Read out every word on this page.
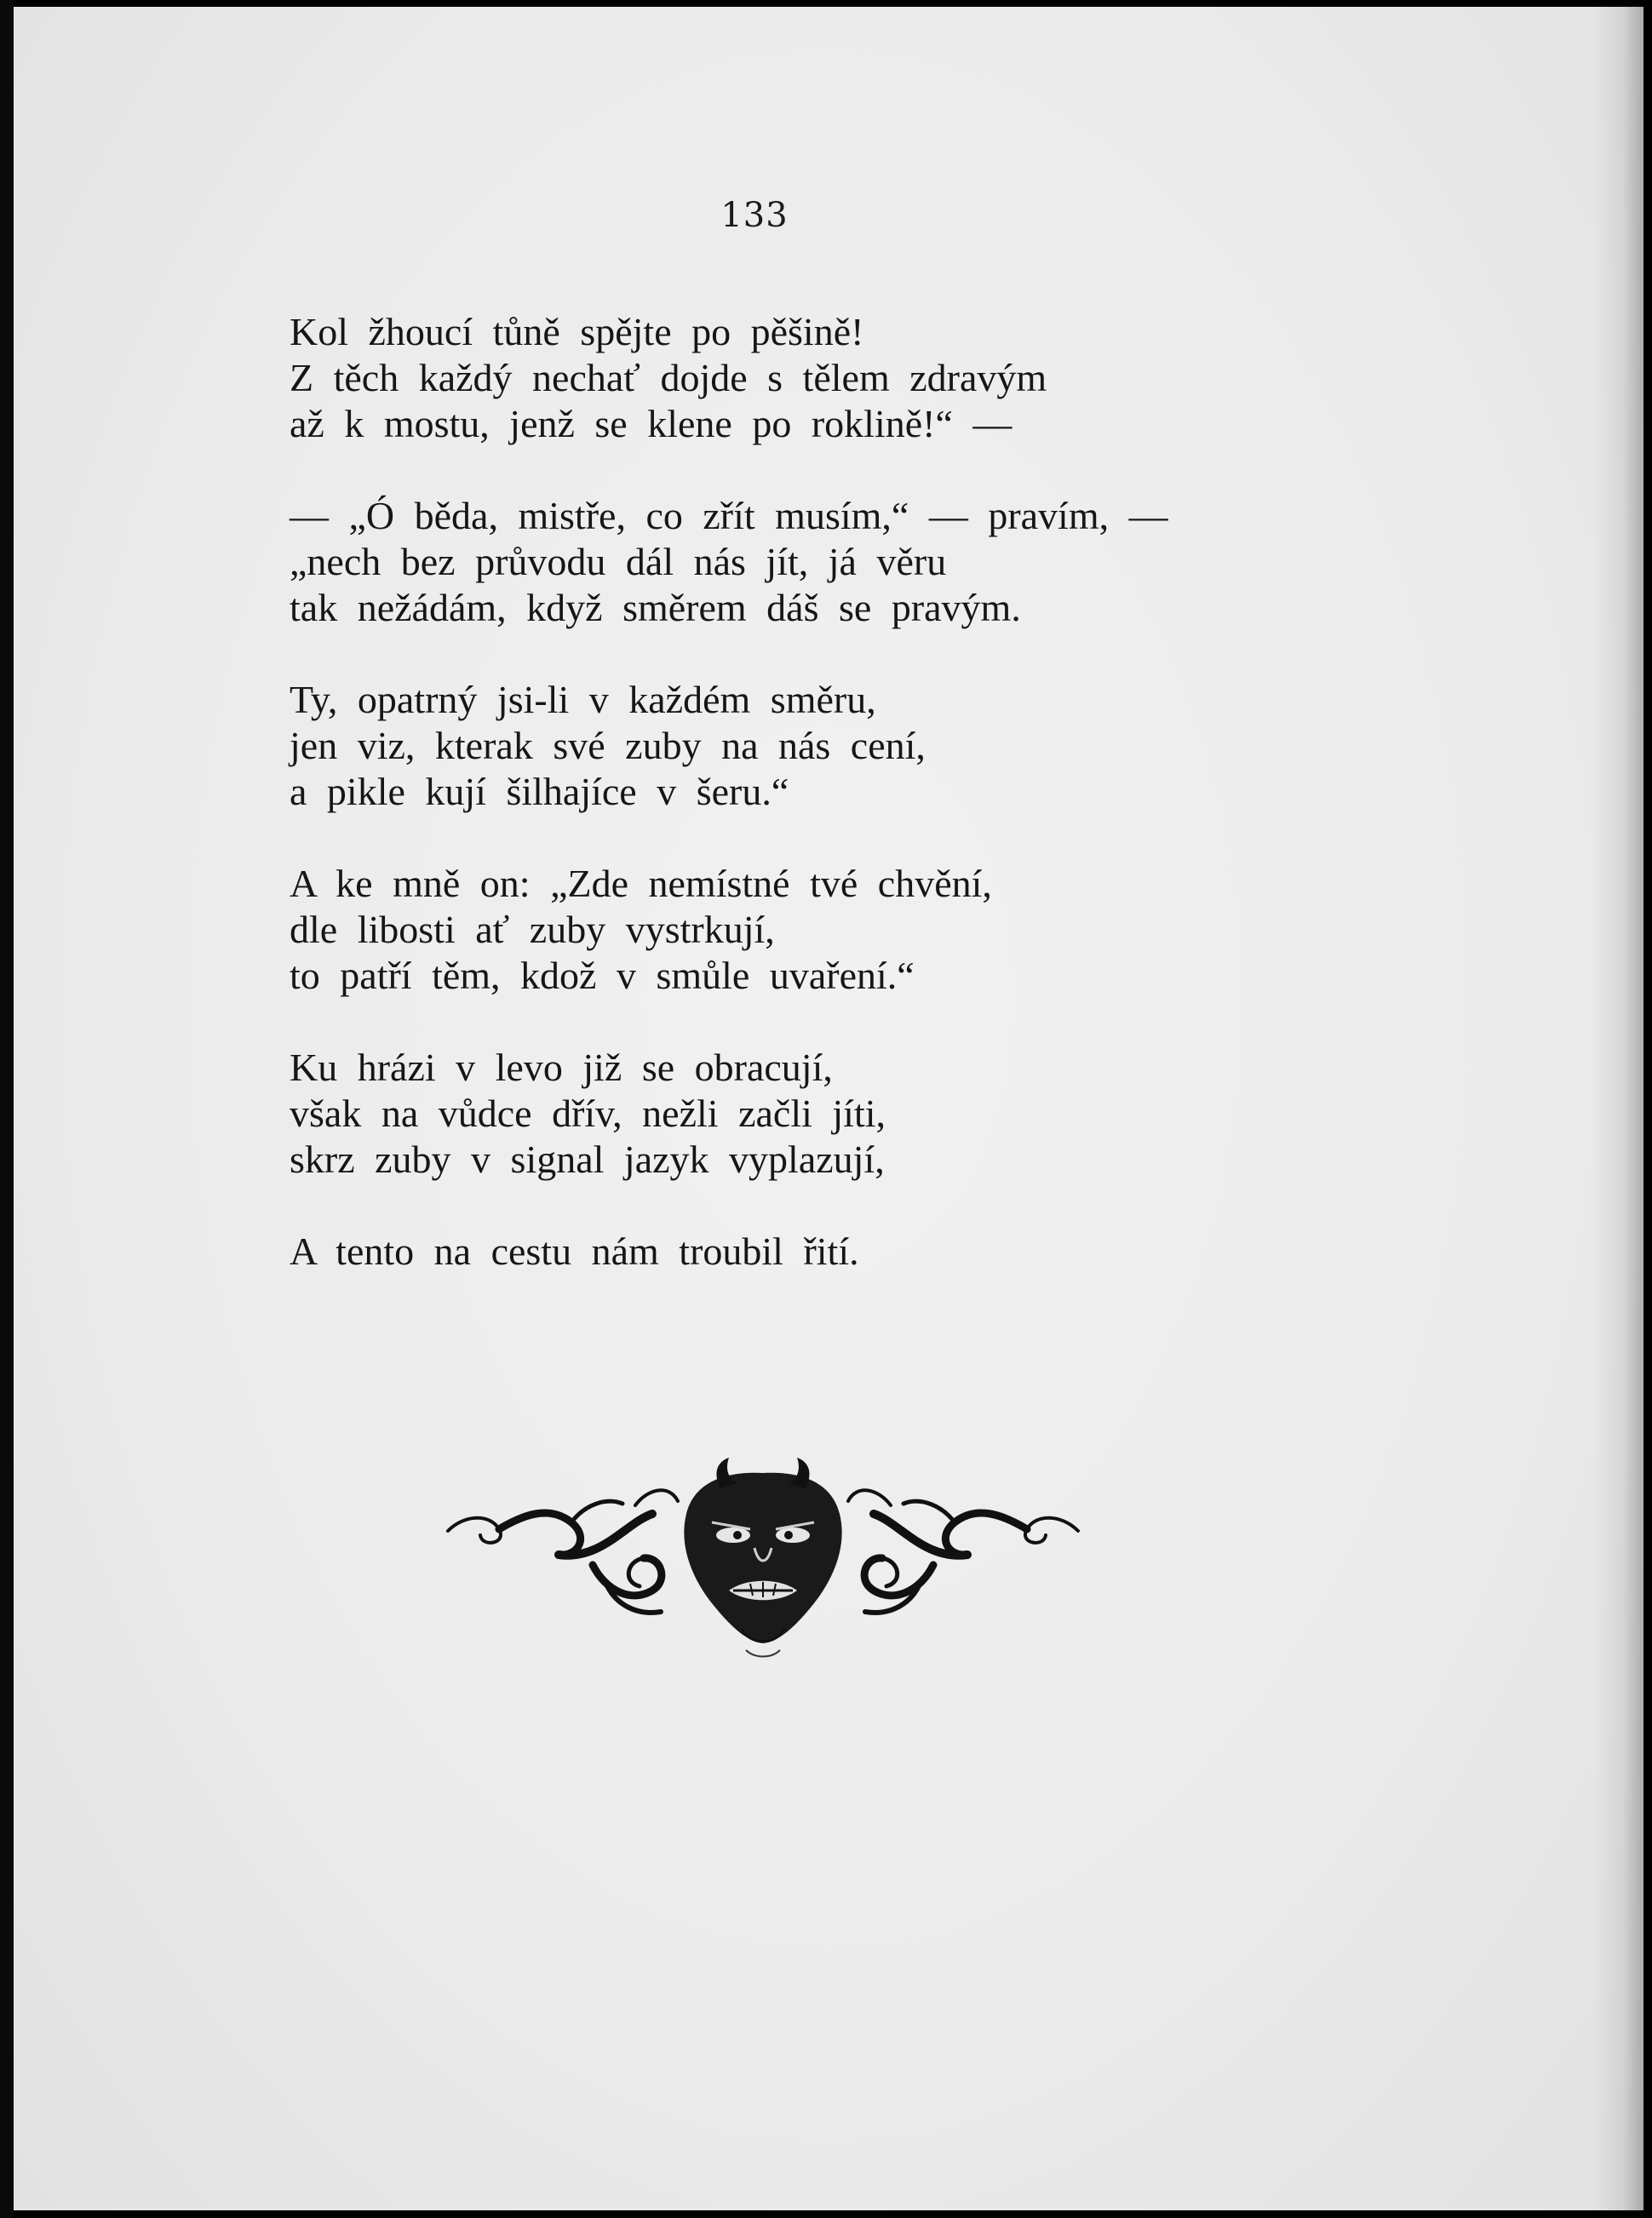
133
Kol žhoucí tůně spějte po pěšině!
Z těch každý nechať dojde s tělem zdravým
až k mostu, jenž se klene po roklině!“ —
— „Ó běda, mistře, co zřít musím,“ — pravím, —
„nech bez průvodu dál nás jít, já věru
tak nežádám, když směrem dáš se pravým.
Ty, opatrný jsi-li v každém směru,
jen viz, kterak své zuby na nás cení,
a pikle kují šilhajíce v šeru.“
A ke mně on: „Zde nemístné tvé chvění,
dle libosti ať zuby vystrkují,
to patří těm, kdož v smůle uvaření.“
Ku hrázi v levo již se obracují,
však na vůdce dřív, nežli začli jíti,
skrz zuby v signal jazyk vyplazují,
A tento na cestu nám troubil řití.
